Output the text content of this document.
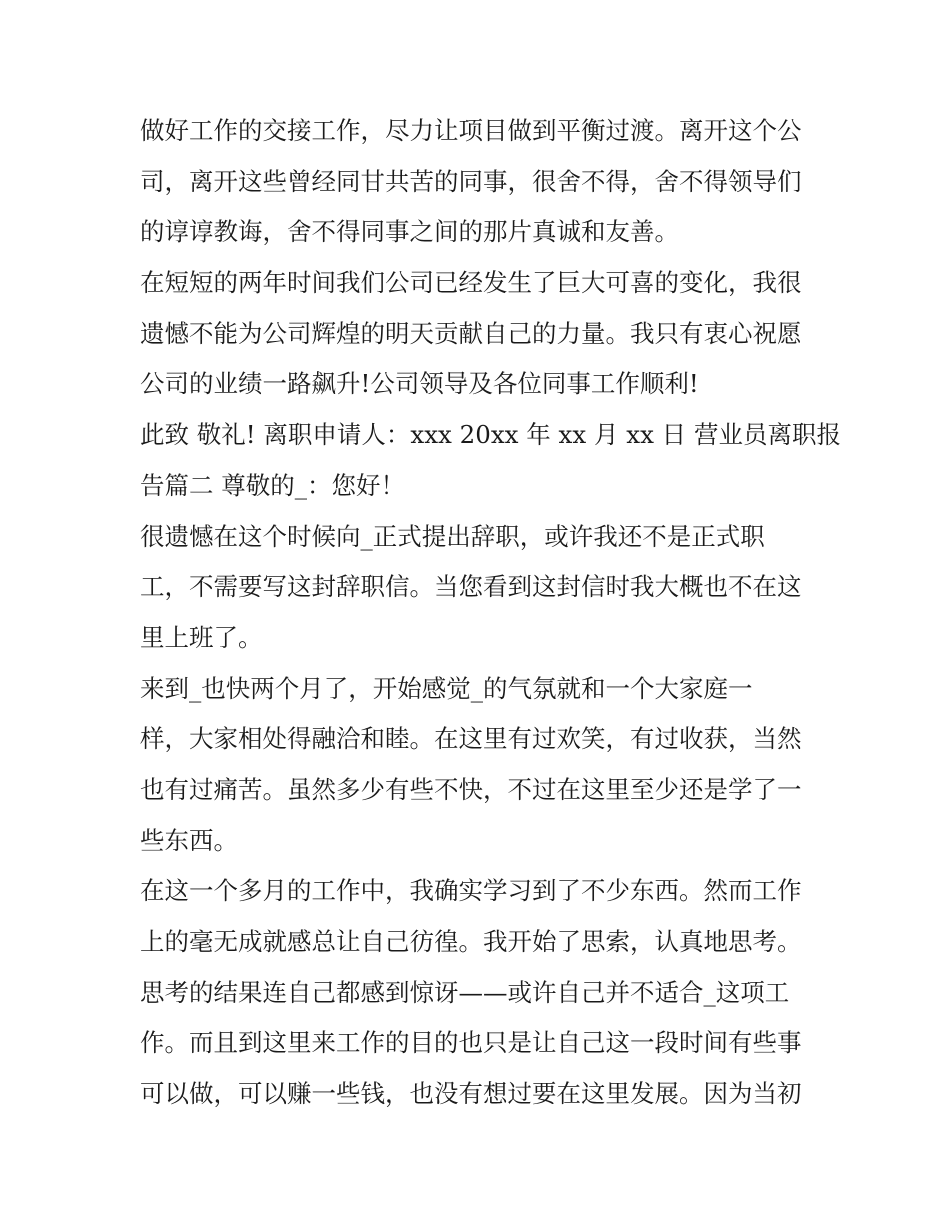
做好工作的交接工作，尽力让项目做到平衡过渡。离开这个公
司，离开这些曾经同甘共苦的同事，很舍不得，舍不得领导们
的谆谆教诲，舍不得同事之间的那片真诚和友善。
在短短的两年时间我们公司已经发生了巨大可喜的变化，我很
遗憾不能为公司辉煌的明天贡献自己的力量。我只有衷心祝愿
公司的业绩一路飙升!公司领导及各位同事工作顺利!
此致 敬礼! 离职申请人：xxx 20xx 年 xx 月 xx 日 营业员离职报
告篇二 尊敬的_：您好！
很遗憾在这个时候向_正式提出辞职，或许我还不是正式职
工，不需要写这封辞职信。当您看到这封信时我大概也不在这
里上班了。
来到_也快两个月了，开始感觉_的气氛就和一个大家庭一
样，大家相处得融洽和睦。在这里有过欢笑，有过收获，当然
也有过痛苦。虽然多少有些不快，不过在这里至少还是学了一
些东西。
在这一个多月的工作中，我确实学习到了不少东西。然而工作
上的毫无成就感总让自己彷徨。我开始了思索，认真地思考。
思考的结果连自己都感到惊讶——或许自己并不适合_这项工
作。而且到这里来工作的目的也只是让自己这一段时间有些事
可以做，可以赚一些钱，也没有想过要在这里发展。因为当初
